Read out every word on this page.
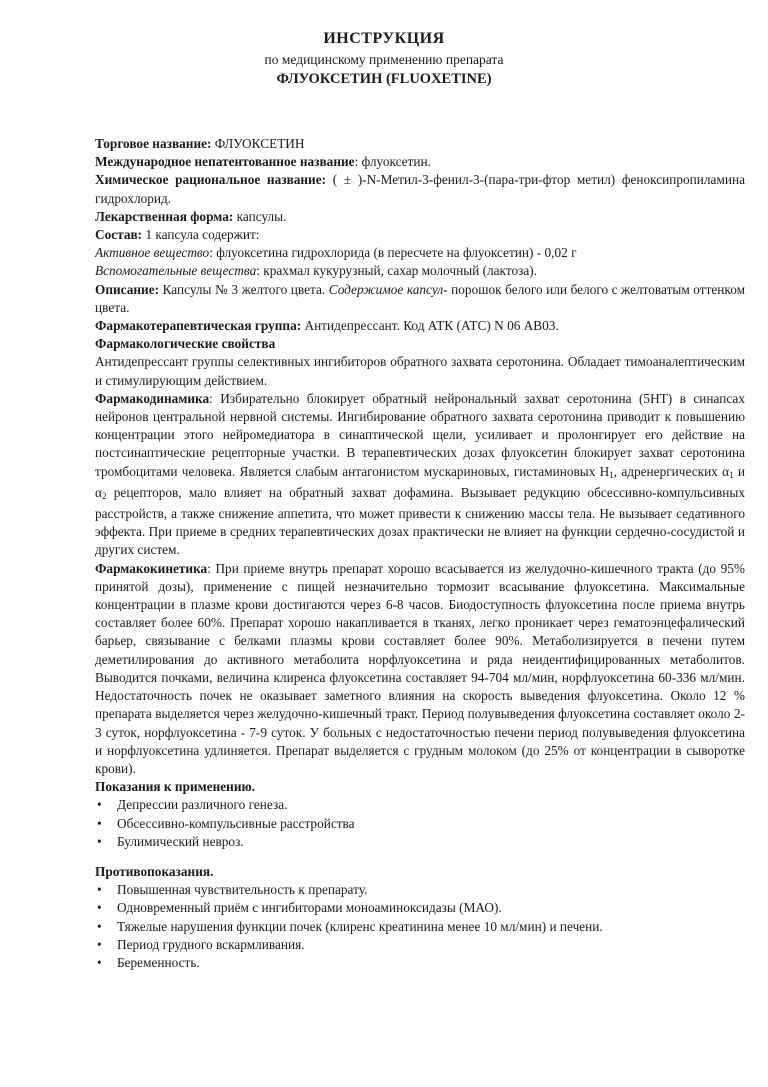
ИНСТРУКЦИЯ
по медицинскому применению препарата
ФЛУОКСЕТИН (FLUOXETINE)

Торговое название: ФЛУОКСЕТИН

Международное непатентованное название: флуоксетин.

Химическое рациональное название: ( ± )-N-Метил-3-фенил-3-(пара-три-фтор метил) феноксипропиламина гидрохлорид.

Лекарственная форма: капсулы.

Состав: 1 капсула содержит:

Активное вещество: флуоксетина гидрохлорида (в пересчете на флуоксетин) - 0,02 г

Вспомогательные вещества: крахмал кукурузный, сахар молочный (лактоза).

Описание: Капсулы № 3 желтого цвета. Содержимое капсул- порошок белого или белого с желтоватым оттенком цвета.

Фармакотерапевтическая группа: Антидепрессант. Код АТК (АТС) N 06 АВ03.

Фармакологические свойства

Антидепрессант группы селективных ингибиторов обратного захвата серотонина. Обладает тимоаналептическим и стимулирующим действием.

Фармакодинамика: Избирательно блокирует обратный нейрональный захват серотонина (5НТ) в синапсах нейронов центральной нервной системы. Ингибирование обратного захвата серотонина приводит к повышению концентрации этого нейромедиатора в синаптической щели, усиливает и пролонгирует его действие на постсинаптические рецепторные участки. В терапевтических дозах флуоксетин блокирует захват серотонина тромбоцитами человека. Является слабым антагонистом мускариновых, гистаминовых $H_1$, адренергических $\alpha_1$ и $\alpha_2$ рецепторов, мало влияет на обратный захват дофамина. Вызывает редукцию обсессивно-компульсивных расстройств, а также снижение аппетита, что может привести к снижению массы тела. Не вызывает седативного эффекта. При приеме в средних терапевтических дозах практически не влияет на функции сердечно-сосудистой и других систем.

Фармакокинетика: При приеме внутрь препарат хорошо всасывается из желудочно-кишечного тракта (до 95% принятой дозы), применение с пищей незначительно тормозит всасывание флуоксетина. Максимальные концентрации в плазме крови достигаются через 6-8 часов. Биодоступность флуоксетина после приема внутрь составляет более 60%. Препарат хорошо накапливается в тканях, легко проникает через гематоэнцефалический барьер, связывание с белками плазмы крови составляет более 90%. Метаболизируется в печени путем деметилирования до активного метаболита норфлуоксетина и ряда неидентифицированных метаболитов. Выводится почками, величина клиренса флуоксетина составляет 94-704 мл/мин, норфлуоксетина 60-336 мл/мин. Недостаточность почек не оказывает заметного влияния на скорость выведения флуоксетина. Около 12 % препарата выделяется через желудочно-кишечный тракт. Период полувыведения флуоксетина составляет около 2-3 суток, норфлуоксетина - 7-9 суток. У больных с недостаточностью печени период полувыведения флуоксетина и норфлуоксетина удлиняется. Препарат выделяется с грудным молоком (до 25% от концентрации в сыворотке крови).

Показания к применению.

• Депрессии различного генеза.
• Обсессивно-компульсивные расстройства
• Булимический невроз.

Противопоказания.

• Повышенная чувствительность к препарату.
• Одновременный приём с ингибиторами моноаминоксидазы (МАО).
• Тяжелые нарушения функции почек (клиренс креатинина менее 10 мл/мин) и печени.
• Период грудного вскармливания.
• Беременность.
